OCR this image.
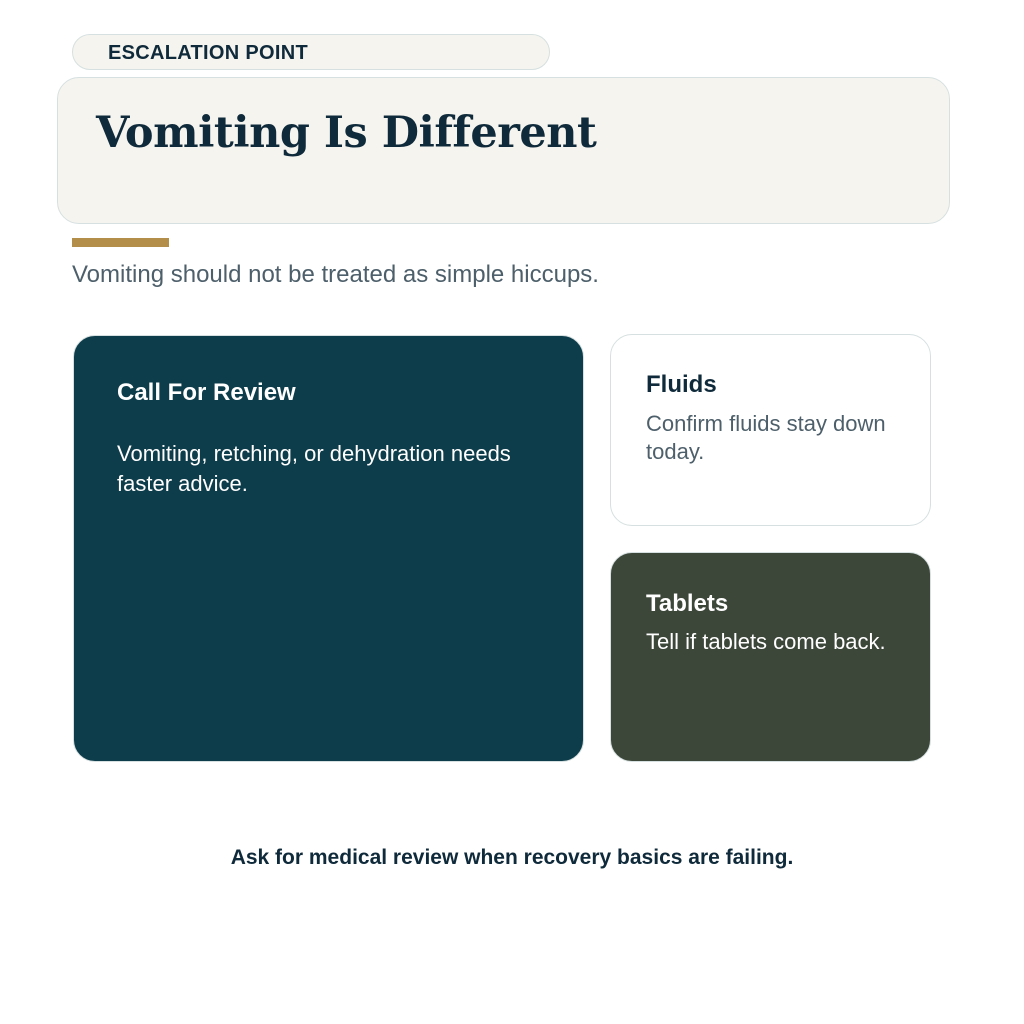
ESCALATION POINT
Vomiting Is Different
Vomiting should not be treated as simple hiccups.
Call For Review
Vomiting, retching, or dehydration needs faster advice.
Fluids
Confirm fluids stay down today.
Tablets
Tell if tablets come back.
Ask for medical review when recovery basics are failing.
